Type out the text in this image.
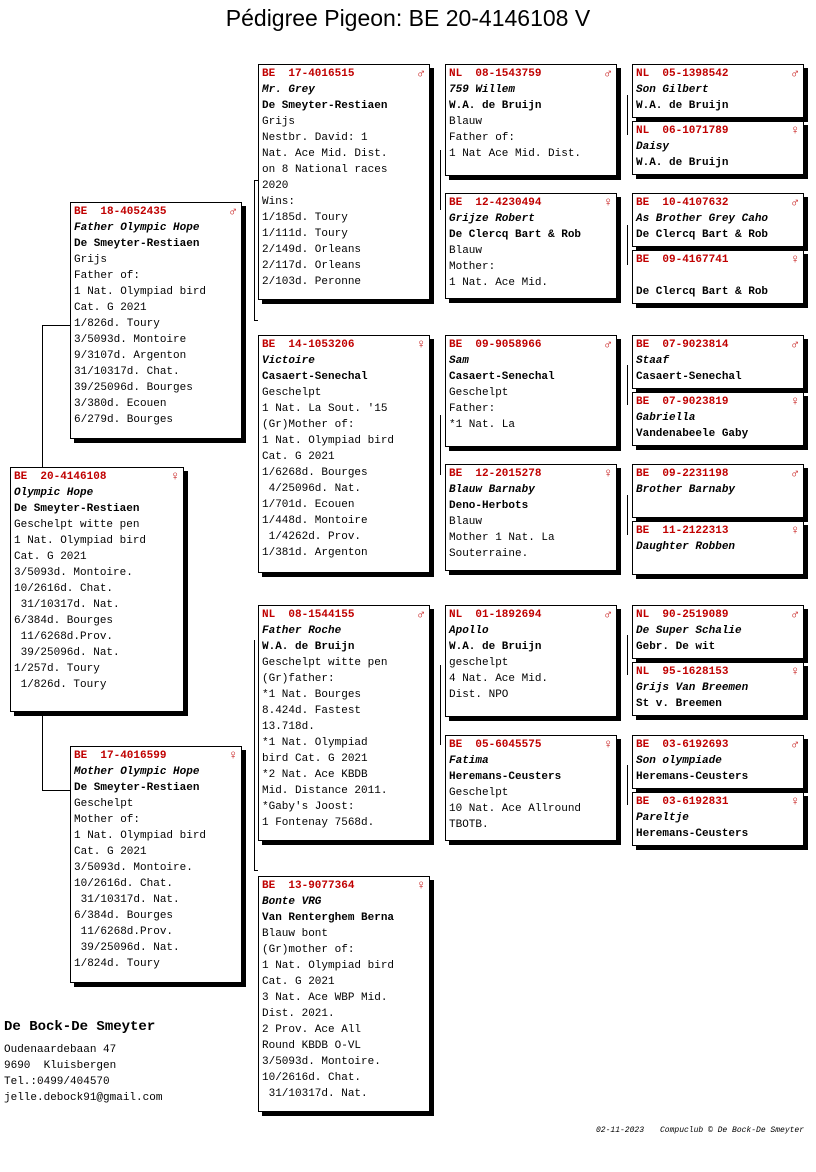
Pédigree Pigeon: BE 20-4146108 V
BE  20-4146108	♀
Olympic Hope
De Smeyter-Restiaen
Geschelpt witte pen
1 Nat. Olympiad bird
Cat. G 2021
3/5093d. Montoire.
10/2616d. Chat.
31/10317d. Nat.
6/384d. Bourges
11/6268d.Prov.
39/25096d. Nat.
1/257d. Toury
1/826d. Toury
BE  18-4052435	♂
Father Olympic Hope
De Smeyter-Restiaen
Grijs
Father of:
1 Nat. Olympiad bird
Cat. G 2021
1/826d. Toury
3/5093d. Montoire
9/3107d. Argenton
31/10317d. Chat.
39/25096d. Bourges
3/380d. Ecouen
6/279d. Bourges
BE  17-4016599	♀
Mother Olympic Hope
De Smeyter-Restiaen
Geschelpt
Mother of:
1 Nat. Olympiad bird
Cat. G 2021
3/5093d. Montoire.
10/2616d. Chat.
31/10317d. Nat.
6/384d. Bourges
11/6268d.Prov.
39/25096d. Nat.
1/824d. Toury
BE  17-4016515	♂
Mr. Grey
De Smeyter-Restiaen
Grijs
Nestbr. David: 1
Nat. Ace Mid. Dist.
on 8 National races
2020
Wins:
1/185d. Toury
1/111d. Toury
2/149d. Orleans
2/117d. Orleans
2/103d. Peronne
BE  14-1053206	♀
Victoire
Casaert-Senechal
Geschelpt
1 Nat. La Sout. '15
(Gr)Mother of:
1 Nat. Olympiad bird
Cat. G 2021
1/6268d. Bourges
4/25096d. Nat.
1/701d. Ecouen
1/448d. Montoire
1/4262d. Prov.
1/381d. Argenton
NL  08-1544155	♂
Father Roche
W.A. de Bruijn
Geschelpt witte pen
(Gr)father:
*1 Nat. Bourges
8.424d. Fastest
13.718d.
*1 Nat. Olympiad
bird Cat. G 2021
*2 Nat. Ace KBDB
Mid. Distance 2011.
*Gaby's Joost:
1 Fontenay 7568d.
BE  13-9077364	♀
Bonte VRG
Van Renterghem Berna
Blauw bont
(Gr)mother of:
1 Nat. Olympiad bird
Cat. G 2021
3 Nat. Ace WBP Mid.
Dist. 2021.
2 Prov. Ace All
Round KBDB O-VL
3/5093d. Montoire.
10/2616d. Chat.
31/10317d. Nat.
NL  08-1543759	♂
759 Willem
W.A. de Bruijn
Blauw
Father of:
1 Nat Ace Mid. Dist.
BE  12-4230494	♀
Grijze Robert
De Clercq Bart & Rob
Blauw
Mother:
1 Nat. Ace Mid.
BE  09-9058966	♂
Sam
Casaert-Senechal
Geschelpt
Father:
*1 Nat. La
BE  12-2015278	♀
Blauw Barnaby
Deno-Herbots
Blauw
Mother 1 Nat. La
Souterraine.
NL  01-1892694	♂
Apollo
W.A. de Bruijn
geschelpt
4 Nat. Ace Mid.
Dist. NPO
BE  05-6045575	♀
Fatima
Heremans-Ceusters
Geschelpt
10 Nat. Ace Allround
TBOTB.
NL  05-1398542	♂
Son Gilbert
W.A. de Bruijn
NL  06-1071789	♀
Daisy
W.A. de Bruijn
BE  10-4107632	♂
As Brother Grey Caho
De Clercq Bart & Rob
BE  09-4167741	♀
De Clercq Bart & Rob
BE  07-9023814	♂
Staaf
Casaert-Senechal
BE  07-9023819	♀
Gabriella
Vandenabeele Gaby
BE  09-2231198	♂
Brother Barnaby
BE  11-2122313	♀
Daughter Robben
NL  90-2519089	♂
De Super Schalie
Gebr. De wit
NL  95-1628153	♀
Grijs Van Breemen
St v. Breemen
BE  03-6192693	♂
Son olympiade
Heremans-Ceusters
BE  03-6192831	♀
Pareltje
Heremans-Ceusters
De Bock-De Smeyter
Oudenaardebaan 47
9690  Kluisbergen
Tel.:0499/404570
jelle.debock91@gmail.com
02-11-2023 Compuclub © De Bock-De Smeyter
